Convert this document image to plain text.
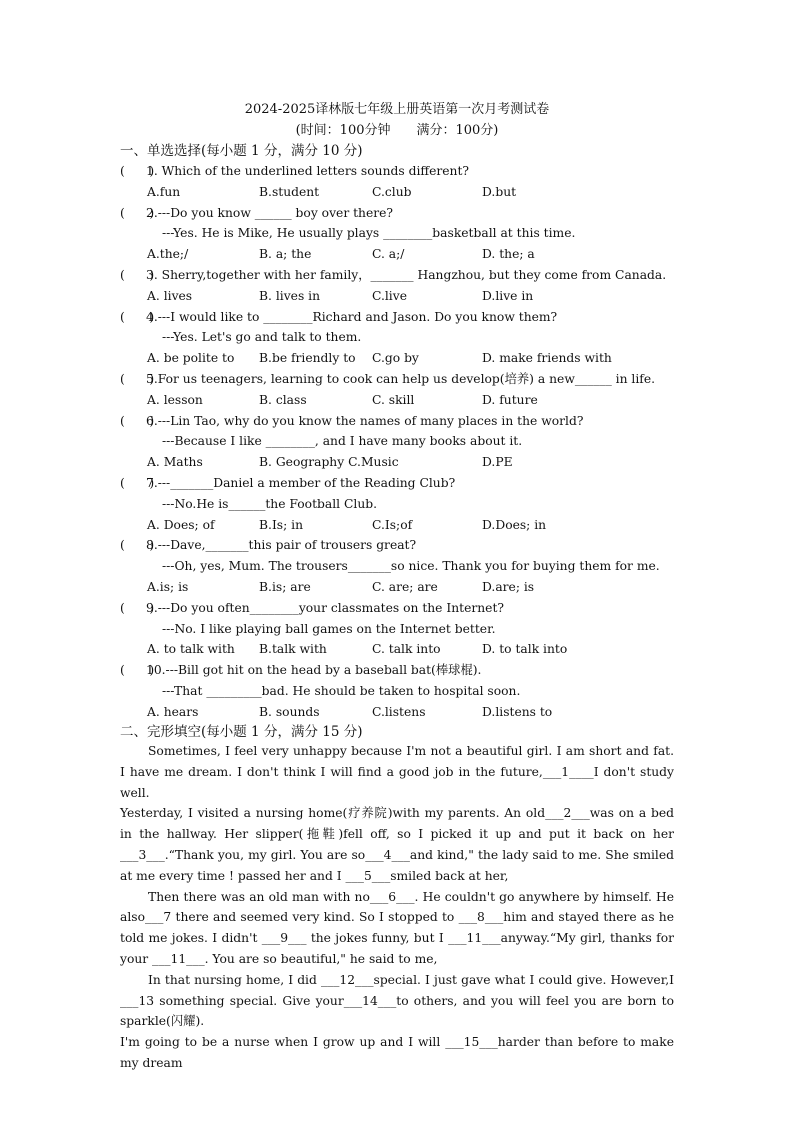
2024-2025译林版七年级上册英语第一次月考测试卷
(时间：100分钟　　满分：100分)
一、单选选择(每小题 1 分，满分 10 分)
(　　)
1. Which of the underlined letters sounds different?
A.fun	B.student	C.club	D.but
(　　)
2.---Do you know ______ boy over there?
---Yes. He is Mike, He usually plays ________basketball at this time.
A.the;/	B. a; the	C. a;/	D. the; a
(　　)
3. Sherry,together with her family，_______ Hangzhou, but they come from Canada.
A. lives	B. lives in	C.live	D.live in
(　　)
4.---I would like to ________Richard and Jason. Do you know them?
---Yes. Let's go and talk to them.
A. be polite to B.be friendly to C.go by	D. make friends with
(　　)
5.For us teenagers, learning to cook can help us develop(培养) a new______ in life.
A. lesson	B. class	C. skill	D. future
(　　)
6.---Lin Tao, why do you know the names of many places in the world?
---Because I like ________, and I have many books about it.
A. Maths	B. Geography C.Music	D.PE
(　　)
7.---_______Daniel a member of the Reading Club?
---No.He is______the Football Club.
A. Does; of	B.Is; in	C.Is;of	D.Does; in
(　　)
8.---Dave,_______this pair of trousers great?
---Oh, yes, Mum. The trousers_______so nice. Thank you for buying them for me.
A.is; is	B.is; are	C. are; are	D.are; is
(　　)
9.---Do you often________your classmates on the Internet?
---No. I like playing ball games on the Internet better.
A. to talk with B.talk with	C. talk into	D. to talk into
(　　)
10.---Bill got hit on the head by a baseball bat(棒球棍).
---That _________bad. He should be taken to hospital soon.
A. hears	B. sounds	C.listens	D.listens to
二、完形填空(每小题 1 分，满分 15 分)

Sometimes, I feel very unhappy because I'm not a beautiful girl. I am short and fat. I have me dream. I don't think I will find a good job in the future,___1____I don't study well.

Yesterday, I visited a nursing home(疗养院)with my parents. An old___2___was on a bed in the hallway. Her slipper(拖鞋)fell off, so I picked it up and put it back on her ___3___.“Thank you, my girl. You are so___4___and kind," the lady said to me. She smiled at me every time ! passed her and I ___5___smiled back at her,

Then there was an old man with no___6___. He couldn't go anywhere by himself. He also___7 there and seemed very kind. So I stopped to ___8___him and stayed there as he told me jokes. I didn't ___9___ the jokes funny, but I ___11___anyway.“My girl, thanks for your ___11___. You are so beautiful," he said to me,

In that nursing home, I did ___12___special. I just gave what I could give. However,I ___13 something special. Give your___14___to others, and you will feel you are born to sparkle(闪耀).

I'm going to be a nurse when I grow up and I will ___15___harder than before to make my dream
